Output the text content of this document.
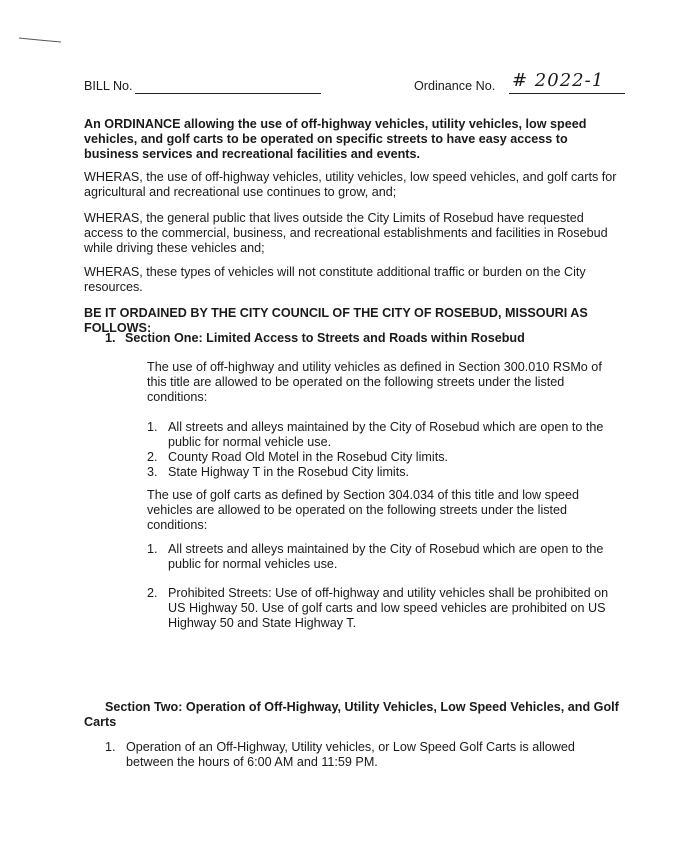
BILL No.	Ordinance No. # 2022-1

An ORDINANCE allowing the use of off-highway vehicles, utility vehicles, low speed vehicles, and golf carts to be operated on specific streets to have easy access to business services and recreational facilities and events.

WHERAS, the use of off-highway vehicles, utility vehicles, low speed vehicles, and golf carts for agricultural and recreational use continues to grow, and;

WHERAS, the general public that lives outside the City Limits of Rosebud have requested access to the commercial, business, and recreational establishments and facilities in Rosebud while driving these vehicles and;

WHERAS, these types of vehicles will not constitute additional traffic or burden on the City resources.

BE IT ORDAINED BY THE CITY COUNCIL OF THE CITY OF ROSEBUD, MISSOURI AS FOLLOWS:

1. Section One: Limited Access to Streets and Roads within Rosebud

The use of off-highway and utility vehicles as defined in Section 300.010 RSMo of this title are allowed to be operated on the following streets under the listed conditions:

1. All streets and alleys maintained by the City of Rosebud which are open to the public for normal vehicle use.
2. County Road Old Motel in the Rosebud City limits.
3. State Highway T in the Rosebud City limits.

The use of golf carts as defined by Section 304.034 of this title and low speed vehicles are allowed to be operated on the following streets under the listed conditions:

1. All streets and alleys maintained by the City of Rosebud which are open to the public for normal vehicles use.
2. Prohibited Streets: Use of off-highway and utility vehicles shall be prohibited on US Highway 50. Use of golf carts and low speed vehicles are prohibited on US Highway 50 and State Highway T.

Section Two: Operation of Off-Highway, Utility Vehicles, Low Speed Vehicles, and Golf Carts

1. Operation of an Off-Highway, Utility vehicles, or Low Speed Golf Carts is allowed between the hours of 6:00 AM and 11:59 PM.
